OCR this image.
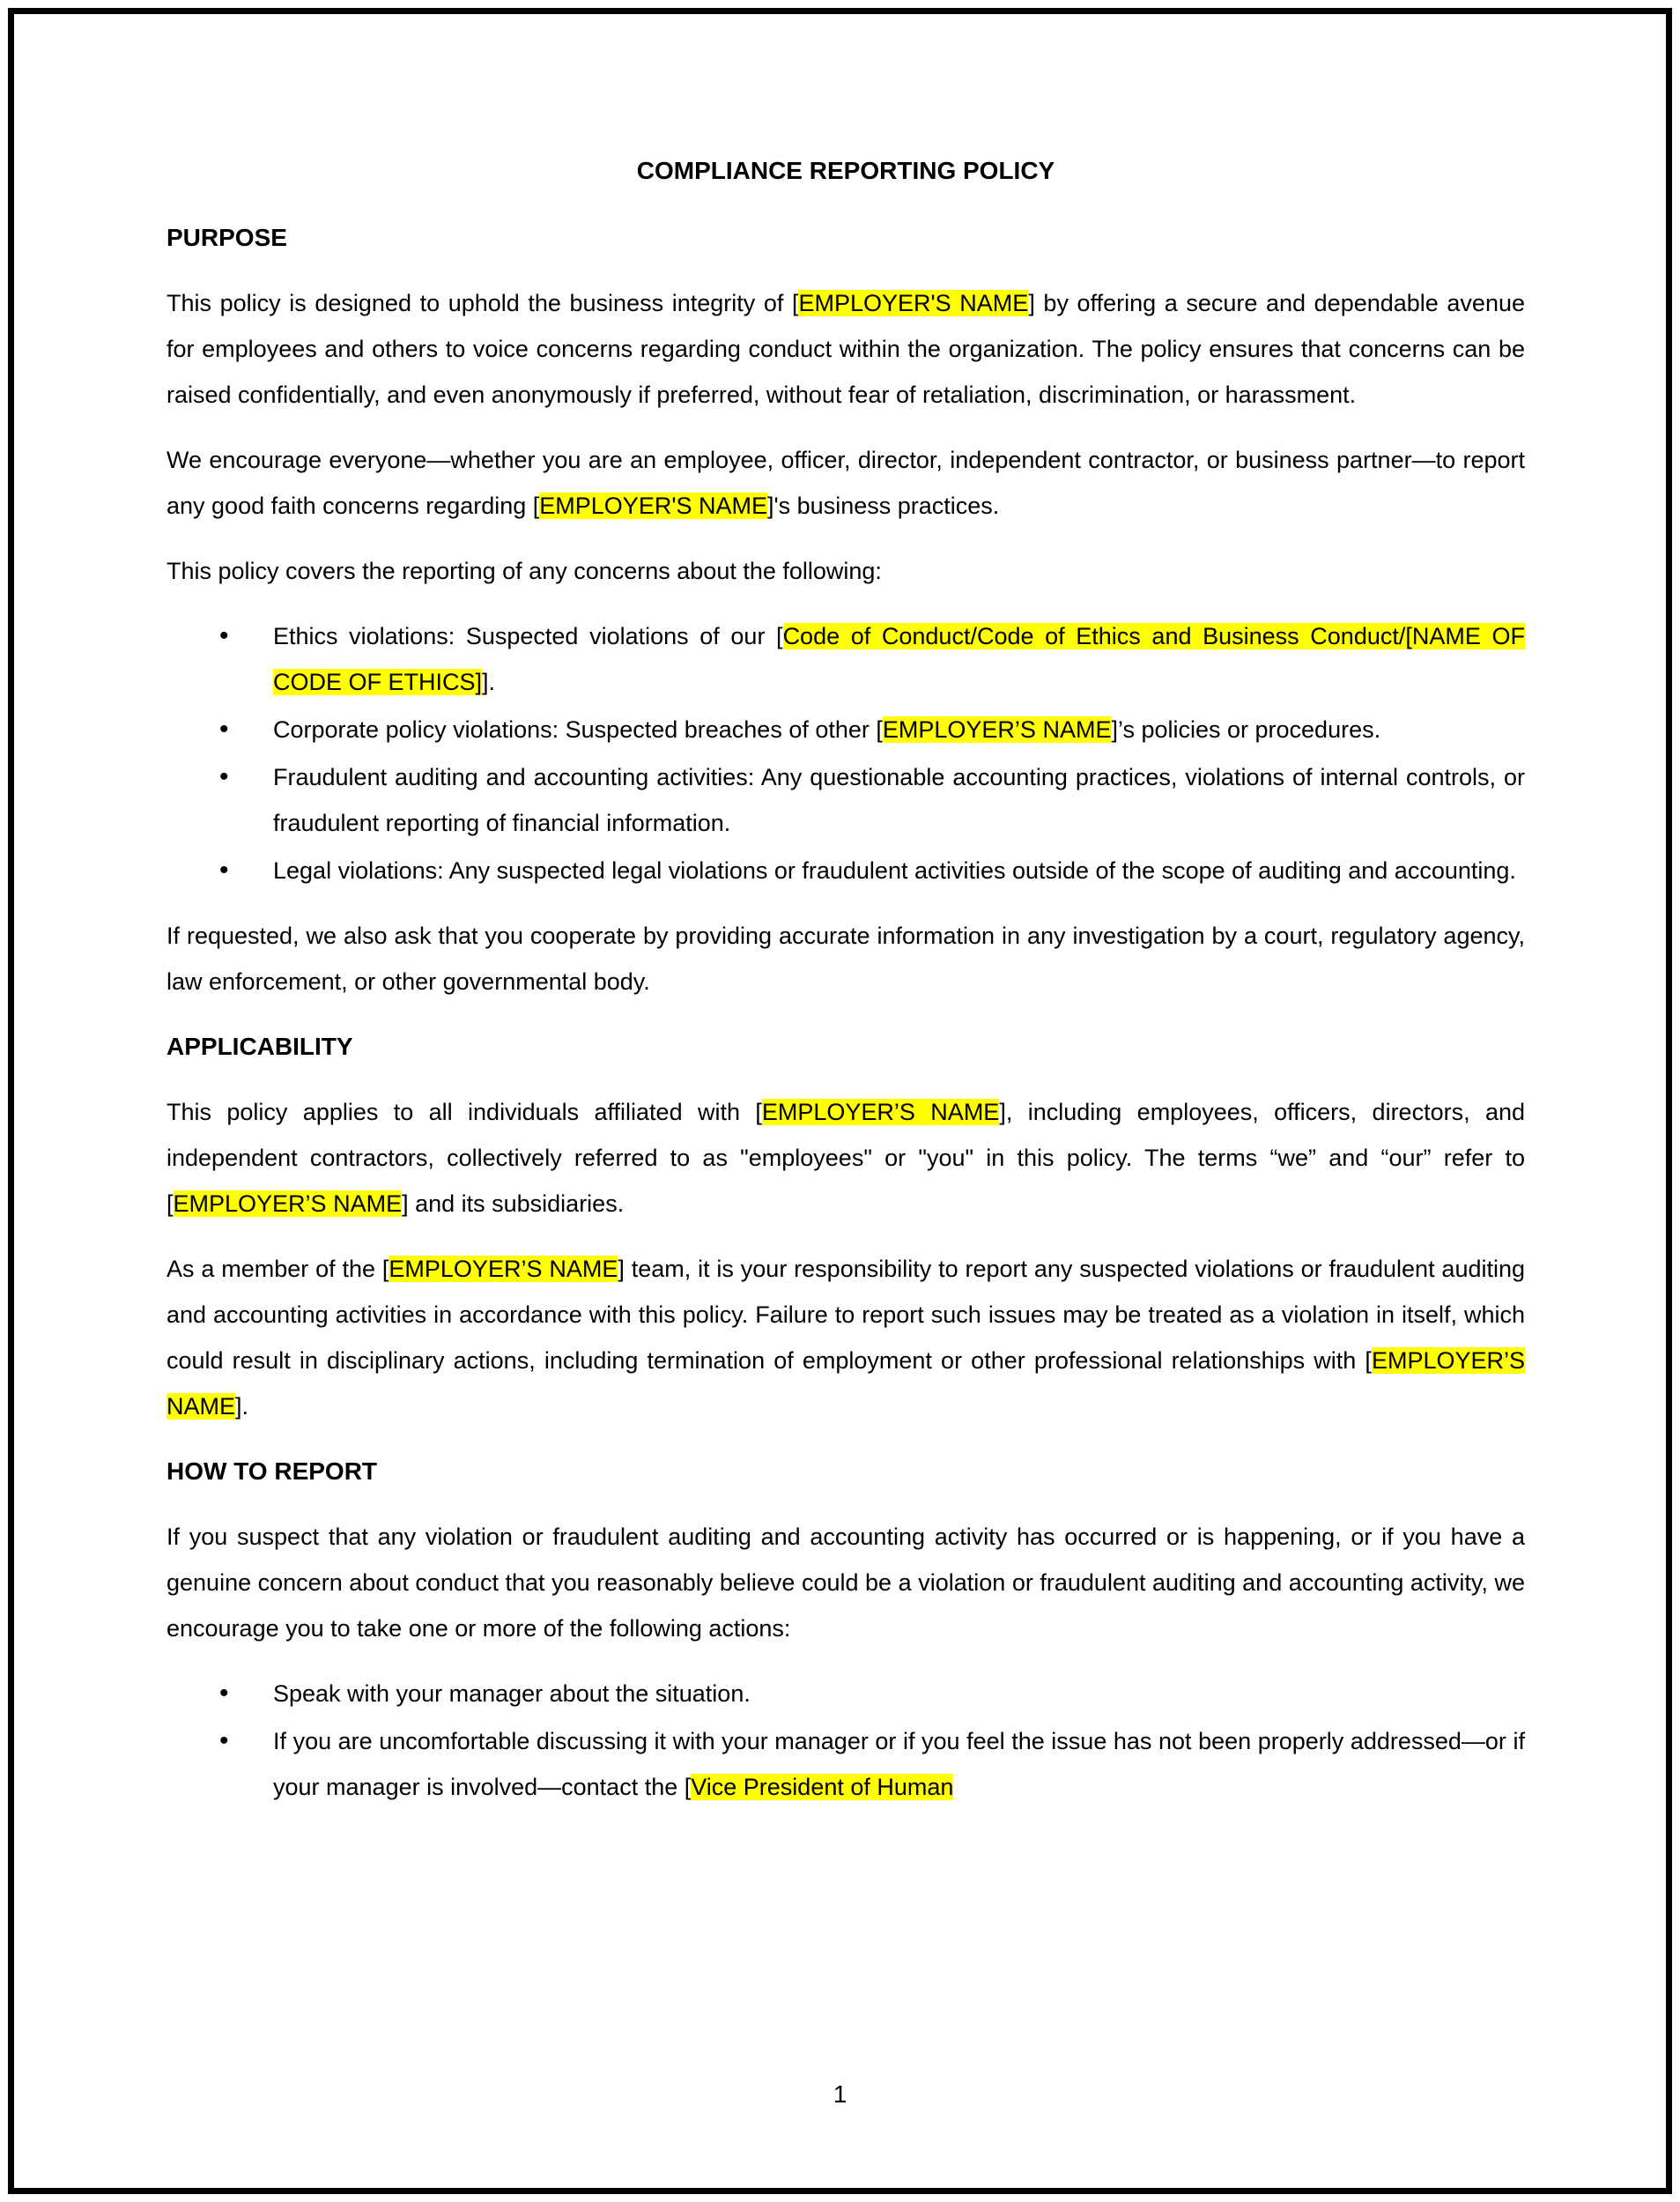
COMPLIANCE REPORTING POLICY
PURPOSE

This policy is designed to uphold the business integrity of [EMPLOYER'S NAME] by offering a secure and dependable avenue for employees and others to voice concerns regarding conduct within the organization. The policy ensures that concerns can be raised confidentially, and even anonymously if preferred, without fear of retaliation, discrimination, or harassment.

We encourage everyone—whether you are an employee, officer, director, independent contractor, or business partner—to report any good faith concerns regarding [EMPLOYER'S NAME]'s business practices.

This policy covers the reporting of any concerns about the following:

• Ethics violations: Suspected violations of our [Code of Conduct/Code of Ethics and Business Conduct/[NAME OF CODE OF ETHICS]].
• Corporate policy violations: Suspected breaches of other [EMPLOYER’S NAME]’s policies or procedures.
• Fraudulent auditing and accounting activities: Any questionable accounting practices, violations of internal controls, or fraudulent reporting of financial information.
• Legal violations: Any suspected legal violations or fraudulent activities outside of the scope of auditing and accounting.

If requested, we also ask that you cooperate by providing accurate information in any investigation by a court, regulatory agency, law enforcement, or other governmental body.

APPLICABILITY

This policy applies to all individuals affiliated with [EMPLOYER’S NAME], including employees, officers, directors, and independent contractors, collectively referred to as "employees" or "you" in this policy. The terms “we” and “our” refer to [EMPLOYER’S NAME] and its subsidiaries.

As a member of the [EMPLOYER’S NAME] team, it is your responsibility to report any suspected violations or fraudulent auditing and accounting activities in accordance with this policy. Failure to report such issues may be treated as a violation in itself, which could result in disciplinary actions, including termination of employment or other professional relationships with [EMPLOYER’S NAME].

HOW TO REPORT

If you suspect that any violation or fraudulent auditing and accounting activity has occurred or is happening, or if you have a genuine concern about conduct that you reasonably believe could be a violation or fraudulent auditing and accounting activity, we encourage you to take one or more of the following actions:

• Speak with your manager about the situation.
• If you are uncomfortable discussing it with your manager or if you feel the issue has not been properly addressed—or if your manager is involved—contact the [Vice President of Human
1
